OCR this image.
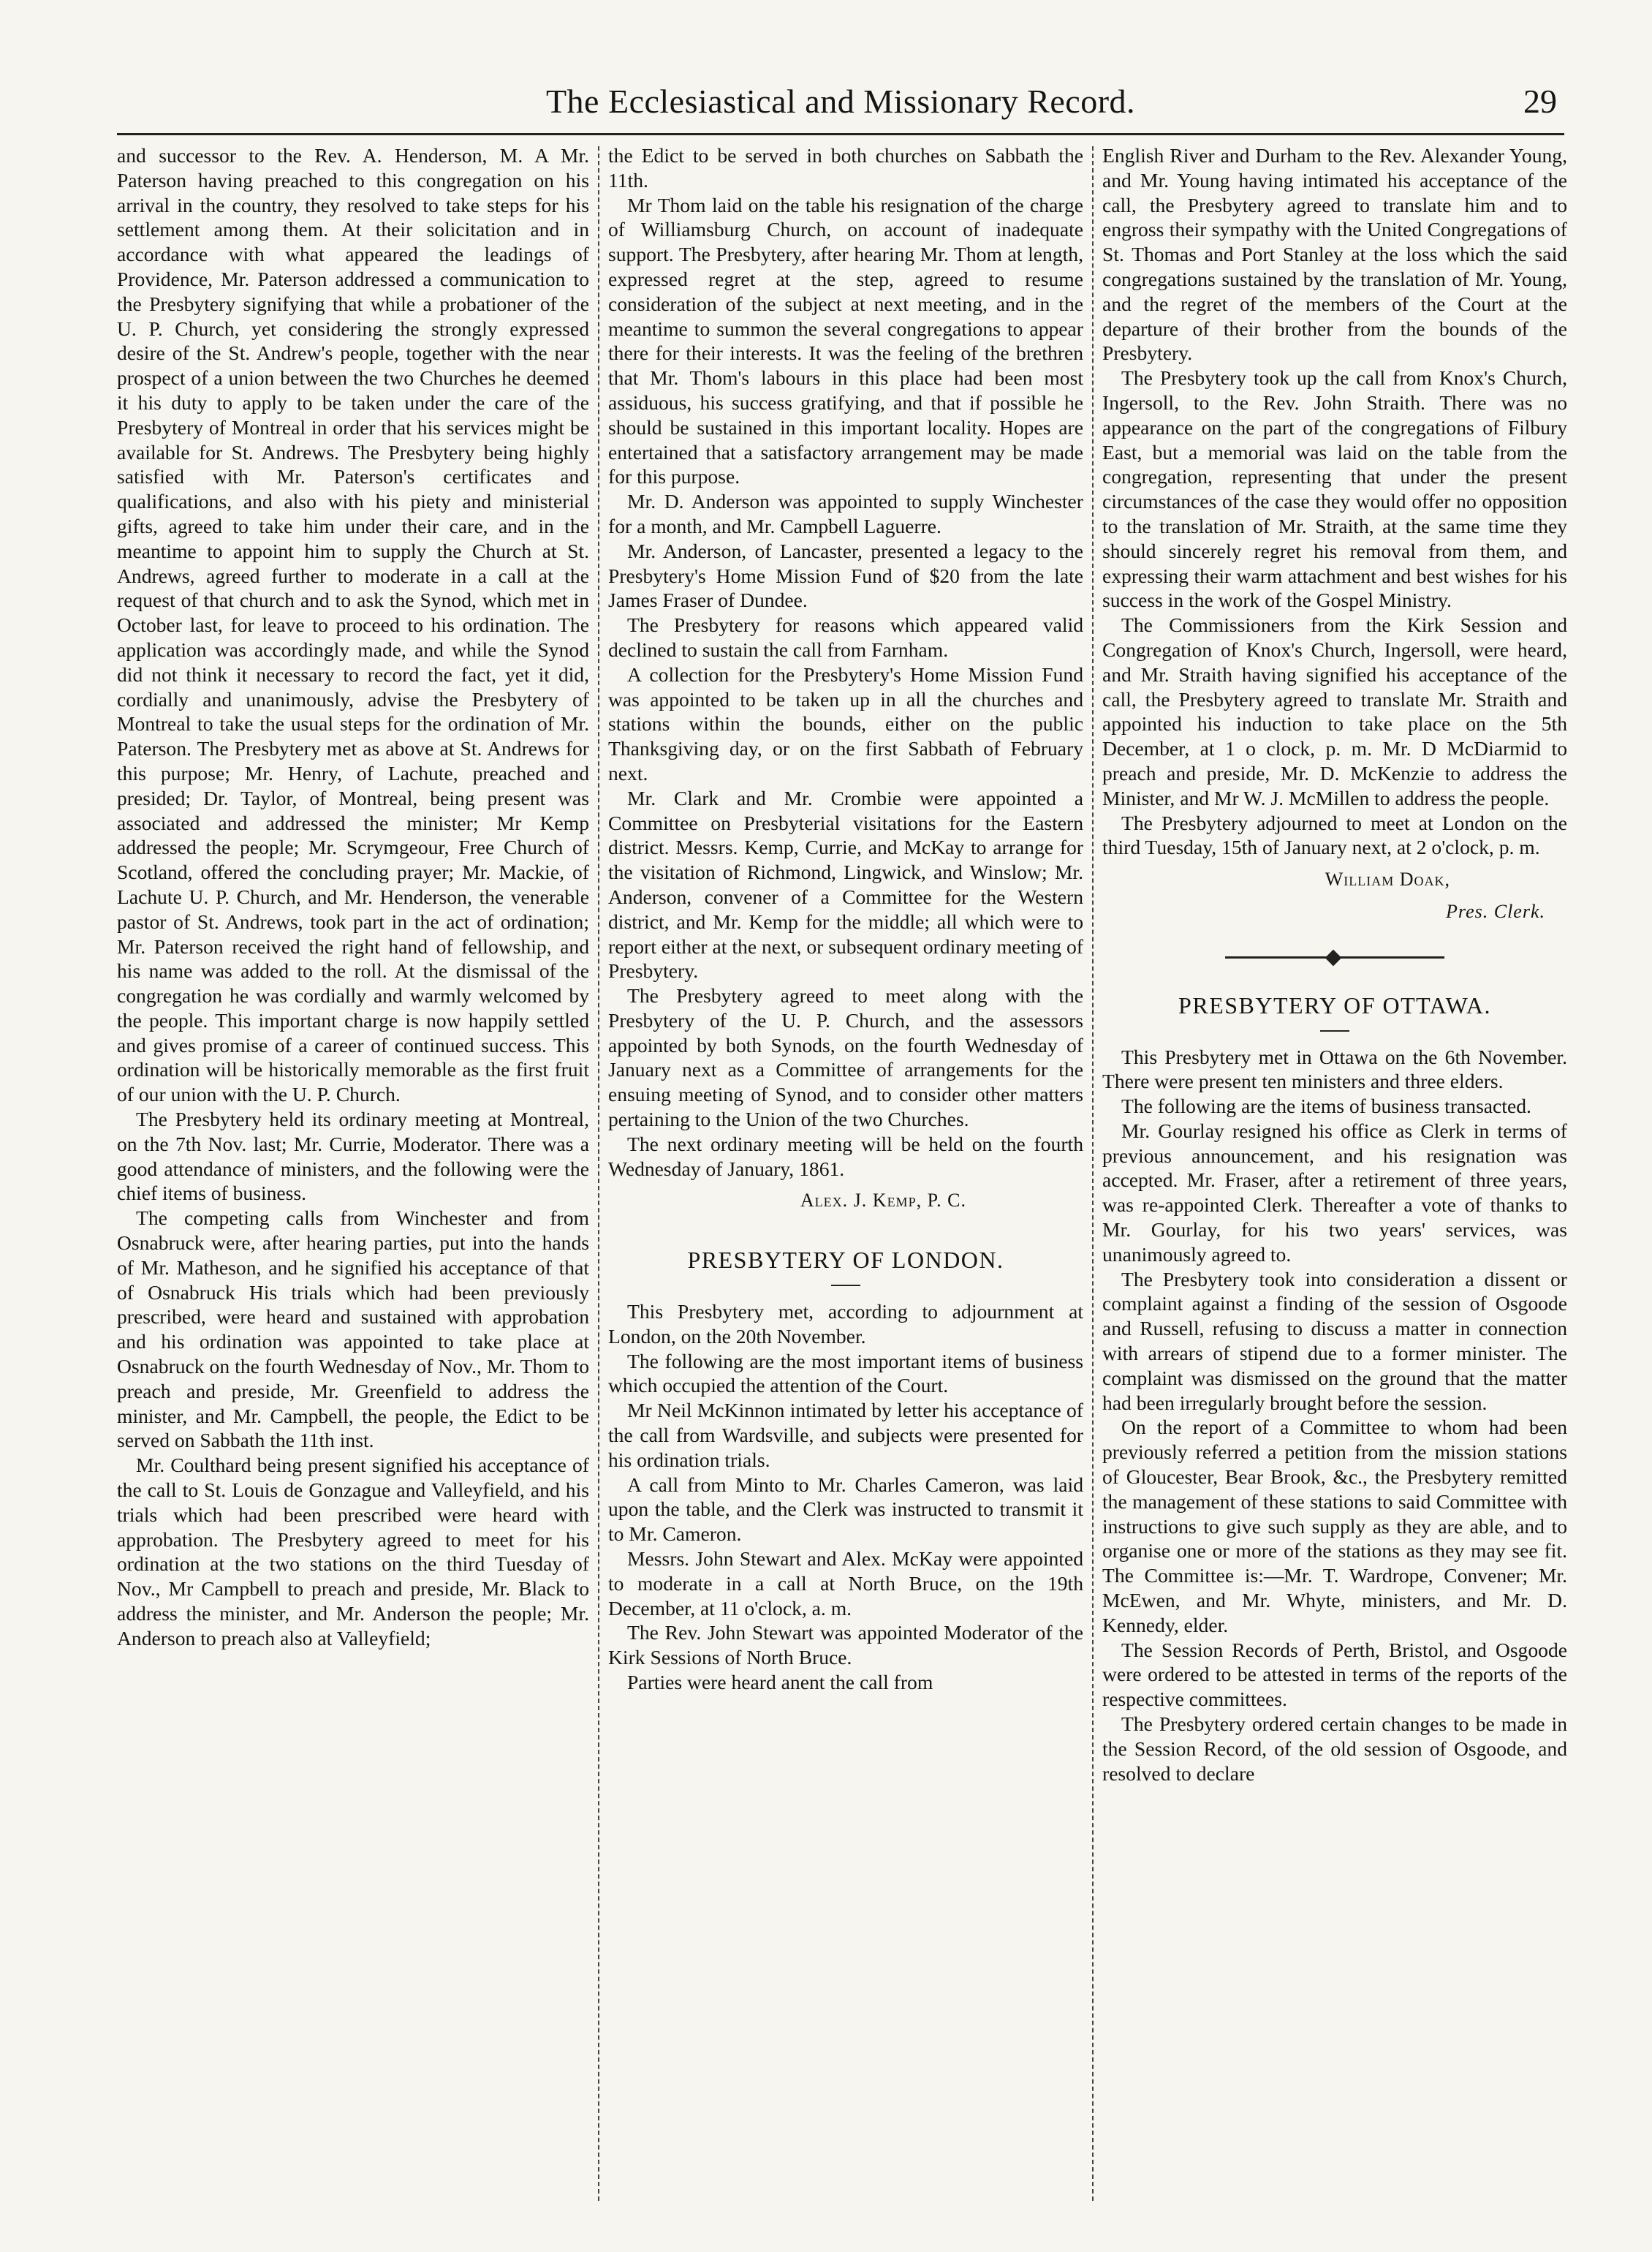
The Ecclesiastical and Missionary Record.	29

and successor to the Rev. A. Henderson, M. A Mr. Paterson having preached to this congregation on his arrival in the country, they resolved to take steps for his settlement among them. At their solicitation and in accordance with what appeared the leadings of Providence, Mr. Paterson addressed a communication to the Presbytery signifying that while a probationer of the U. P. Church, yet considering the strongly expressed desire of the St. Andrew's people, together with the near prospect of a union between the two Churches he deemed it his duty to apply to be taken under the care of the Presbytery of Montreal in order that his services might be available for St. Andrews. The Presbytery being highly satisfied with Mr. Paterson's certificates and qualifications, and also with his piety and ministerial gifts, agreed to take him under their care, and in the meantime to appoint him to supply the Church at St. Andrews, agreed further to moderate in a call at the request of that church and to ask the Synod, which met in October last, for leave to proceed to his ordination. The application was accordingly made, and while the Synod did not think it necessary to record the fact, yet it did, cordially and unanimously, advise the Presbytery of Montreal to take the usual steps for the ordination of Mr. Paterson. The Presbytery met as above at St. Andrews for this purpose; Mr. Henry, of Lachute, preached and presided; Dr. Taylor, of Montreal, being present was associated and addressed the minister; Mr Kemp addressed the people; Mr. Scrymgeour, Free Church of Scotland, offered the concluding prayer; Mr. Mackie, of Lachute U. P. Church, and Mr. Henderson, the venerable pastor of St. Andrews, took part in the act of ordination; Mr. Paterson received the right hand of fellowship, and his name was added to the roll. At the dismissal of the congregation he was cordially and warmly welcomed by the people. This important charge is now happily settled and gives promise of a career of continued success. This ordination will be historically memorable as the first fruit of our union with the U. P. Church.

The Presbytery held its ordinary meeting at Montreal, on the 7th Nov. last; Mr. Currie, Moderator. There was a good attendance of ministers, and the following were the chief items of business.

The competing calls from Winchester and from Osnabruck were, after hearing parties, put into the hands of Mr. Matheson, and he signified his acceptance of that of Osnabruck His trials which had been previously prescribed, were heard and sustained with approbation and his ordination was appointed to take place at Osnabruck on the fourth Wednesday of Nov., Mr. Thom to preach and preside, Mr. Greenfield to address the minister, and Mr. Campbell, the people, the Edict to be served on Sabbath the 11th inst.

Mr. Coulthard being present signified his acceptance of the call to St. Louis de Gonzague and Valleyfield, and his trials which had been prescribed were heard with approbation. The Presbytery agreed to meet for his ordination at the two stations on the third Tuesday of Nov., Mr Campbell to preach and preside, Mr. Black to address the minister, and Mr. Anderson the people; Mr. Anderson to preach also at Valleyfield;

the Edict to be served in both churches on Sabbath the 11th.

Mr Thom laid on the table his resignation of the charge of Williamsburg Church, on account of inadequate support. The Presbytery, after hearing Mr. Thom at length, expressed regret at the step, agreed to resume consideration of the subject at next meeting, and in the meantime to summon the several congregations to appear there for their interests. It was the feeling of the brethren that Mr. Thom's labours in this place had been most assiduous, his success gratifying, and that if possible he should be sustained in this important locality. Hopes are entertained that a satisfactory arrangement may be made for this purpose.

Mr. D. Anderson was appointed to supply Winchester for a month, and Mr. Campbell Laguerre.

Mr. Anderson, of Lancaster, presented a legacy to the Presbytery's Home Mission Fund of $20 from the late James Fraser of Dundee.

The Presbytery for reasons which appeared valid declined to sustain the call from Farnham.

A collection for the Presbytery's Home Mission Fund was appointed to be taken up in all the churches and stations within the bounds, either on the public Thanksgiving day, or on the first Sabbath of February next.

Mr. Clark and Mr. Crombie were appointed a Committee on Presbyterial visitations for the Eastern district. Messrs. Kemp, Currie, and McKay to arrange for the visitation of Richmond, Lingwick, and Winslow; Mr. Anderson, convener of a Committee for the Western district, and Mr. Kemp for the middle; all which were to report either at the next, or subsequent ordinary meeting of Presbytery.

The Presbytery agreed to meet along with the Presbytery of the U. P. Church, and the assessors appointed by both Synods, on the fourth Wednesday of January next as a Committee of arrangements for the ensuing meeting of Synod, and to consider other matters pertaining to the Union of the two Churches.

The next ordinary meeting will be held on the fourth Wednesday of January, 1861.

Alex. J. Kemp, P. C.
PRESBYTERY OF LONDON.

This Presbytery met, according to adjournment at London, on the 20th November.

The following are the most important items of business which occupied the attention of the Court.

Mr Neil McKinnon intimated by letter his acceptance of the call from Wardsville, and subjects were presented for his ordination trials.

A call from Minto to Mr. Charles Cameron, was laid upon the table, and the Clerk was instructed to transmit it to Mr. Cameron.

Messrs. John Stewart and Alex. McKay were appointed to moderate in a call at North Bruce, on the 19th December, at 11 o'clock, a. m.

The Rev. John Stewart was appointed Moderator of the Kirk Sessions of North Bruce.

Parties were heard anent the call from

English River and Durham to the Rev. Alexander Young, and Mr. Young having intimated his acceptance of the call, the Presbytery agreed to translate him and to engross their sympathy with the United Congregations of St. Thomas and Port Stanley at the loss which the said congregations sustained by the translation of Mr. Young, and the regret of the members of the Court at the departure of their brother from the bounds of the Presbytery.

The Presbytery took up the call from Knox's Church, Ingersoll, to the Rev. John Straith. There was no appearance on the part of the congregations of Filbury East, but a memorial was laid on the table from the congregation, representing that under the present circumstances of the case they would offer no opposition to the translation of Mr. Straith, at the same time they should sincerely regret his removal from them, and expressing their warm attachment and best wishes for his success in the work of the Gospel Ministry.

The Commissioners from the Kirk Session and Congregation of Knox's Church, Ingersoll, were heard, and Mr. Straith having signified his acceptance of the call, the Presbytery agreed to translate Mr. Straith and appointed his induction to take place on the 5th December, at 1 o clock, p. m. Mr. D McDiarmid to preach and preside, Mr. D. McKenzie to address the Minister, and Mr W. J. McMillen to address the people.

The Presbytery adjourned to meet at London on the third Tuesday, 15th of January next, at 2 o'clock, p. m.

William Doak,
Pres. Clerk.
PRESBYTERY OF OTTAWA.

This Presbytery met in Ottawa on the 6th November. There were present ten ministers and three elders.

The following are the items of business transacted.

Mr. Gourlay resigned his office as Clerk in terms of previous announcement, and his resignation was accepted. Mr. Fraser, after a retirement of three years, was re-appointed Clerk. Thereafter a vote of thanks to Mr. Gourlay, for his two years' services, was unanimously agreed to.

The Presbytery took into consideration a dissent or complaint against a finding of the session of Osgoode and Russell, refusing to discuss a matter in connection with arrears of stipend due to a former minister. The complaint was dismissed on the ground that the matter had been irregularly brought before the session.

On the report of a Committee to whom had been previously referred a petition from the mission stations of Gloucester, Bear Brook, &c., the Presbytery remitted the management of these stations to said Committee with instructions to give such supply as they are able, and to organise one or more of the stations as they may see fit. The Committee is:—Mr. T. Wardrope, Convener; Mr. McEwen, and Mr. Whyte, ministers, and Mr. D. Kennedy, elder.

The Session Records of Perth, Bristol, and Osgoode were ordered to be attested in terms of the reports of the respective committees.

The Presbytery ordered certain changes to be made in the Session Record, of the old session of Osgoode, and resolved to declare
